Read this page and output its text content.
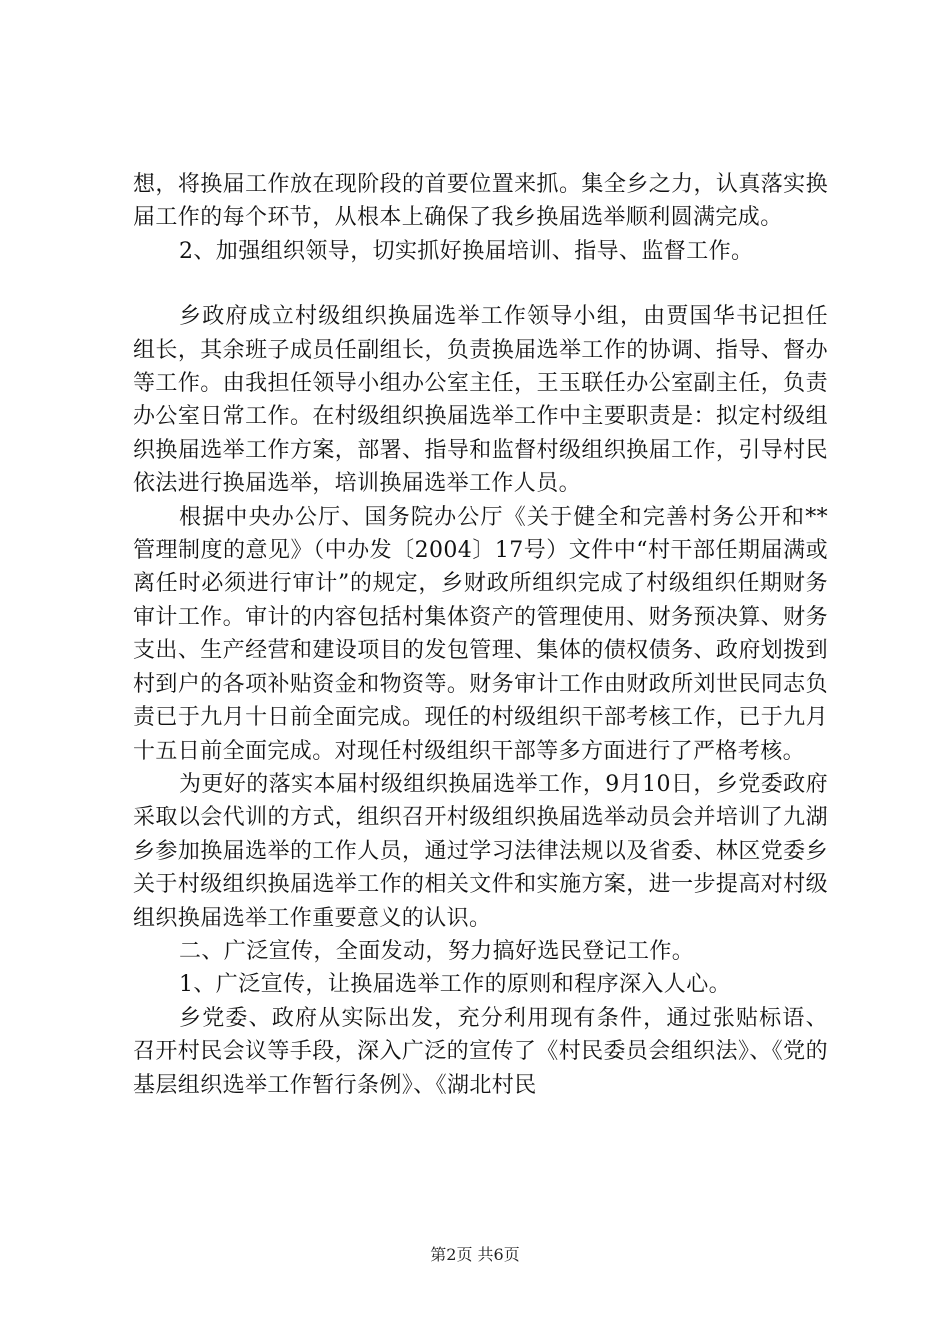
想，将换届工作放在现阶段的首要位置来抓。集全乡之力，认真落实换届工作的每个环节，从根本上确保了我乡换届选举顺利圆满完成。

2、加强组织领导，切实抓好换届培训、指导、监督工作。

乡政府成立村级组织换届选举工作领导小组，由贾国华书记担任组长，其余班子成员任副组长，负责换届选举工作的协调、指导、督办等工作。由我担任领导小组办公室主任，王玉联任办公室副主任，负责办公室日常工作。在村级组织换届选举工作中主要职责是：拟定村级组织换届选举工作方案，部署、指导和监督村级组织换届工作，引导村民依法进行换届选举，培训换届选举工作人员。

根据中央办公厅、国务院办公厅《关于健全和完善村务公开和**管理制度的意见》（中办发〔2004〕17号）文件中“村干部任期届满或离任时必须进行审计”的规定，乡财政所组织完成了村级组织任期财务审计工作。审计的内容包括村集体资产的管理使用、财务预决算、财务支出、生产经营和建设项目的发包管理、集体的债权债务、政府划拨到村到户的各项补贴资金和物资等。财务审计工作由财政所刘世民同志负责已于九月十日前全面完成。现任的村级组织干部考核工作，已于九月十五日前全面完成。对现任村级组织干部等多方面进行了严格考核。

为更好的落实本届村级组织换届选举工作，9月10日，乡党委政府采取以会代训的方式，组织召开村级组织换届选举动员会并培训了九湖乡参加换届选举的工作人员，通过学习法律法规以及省委、林区党委乡关于村级组织换届选举工作的相关文件和实施方案，进一步提高对村级组织换届选举工作重要意义的认识。

二、广泛宣传，全面发动，努力搞好选民登记工作。

1、广泛宣传，让换届选举工作的原则和程序深入人心。

乡党委、政府从实际出发，充分利用现有条件，通过张贴标语、召开村民会议等手段，深入广泛的宣传了《村民委员会组织法》、《党的基层组织选举工作暂行条例》、《湖北村民

第2页 共6页
